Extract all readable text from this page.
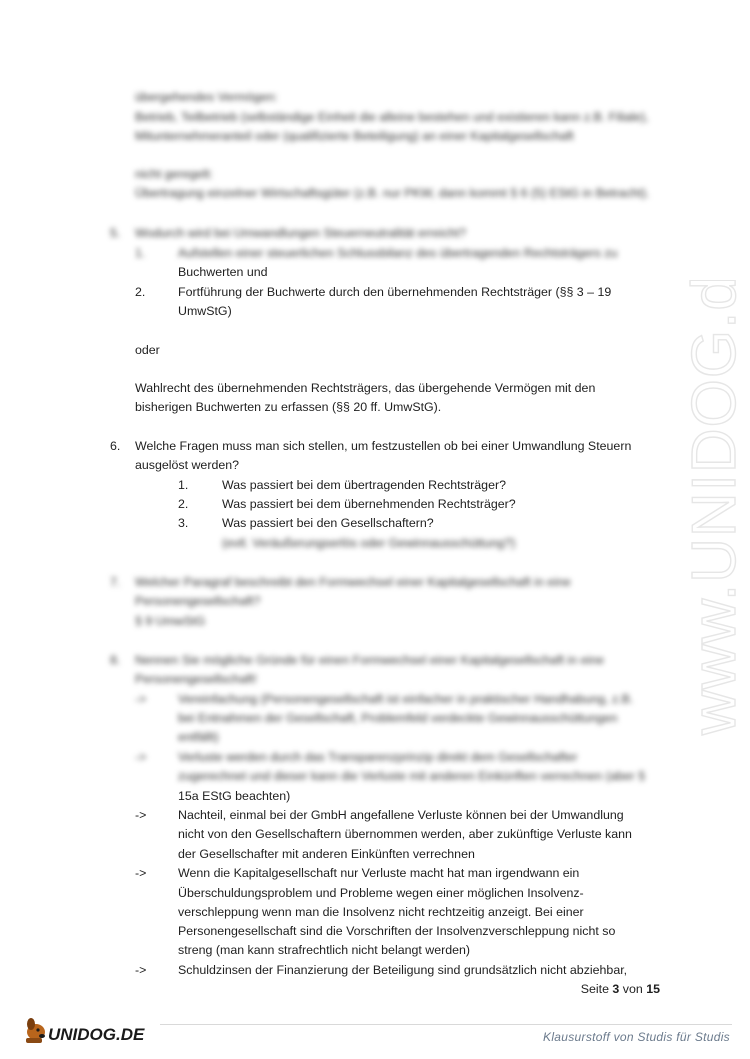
www.UNIDOG.de
übergehendes Vermögen:
Betrieb, Teilbetrieb (selbständige Einheit die alleine bestehen und existieren kann z.B. Filiale),
Mitunternehmeranteil oder (qualifizierte Beteiligung) an einer Kapitalgesellschaft
nicht geregelt:
Übertragung einzelner Wirtschaftsgüter (z.B. nur PKW, dann kommt § 6 (5) EStG in Betracht).
5. Wodurch wird bei Umwandlungen Steuerneutralität erreicht?
1.	Aufstellen einer steuerlichen Schlussbilanz des übertragenden Rechtsträgers zu
Buchwerten und
2.	Fortführung der Buchwerte durch den übernehmenden Rechtsträger (§§ 3 – 19
UmwStG)
oder
Wahlrecht des übernehmenden Rechtsträgers, das übergehende Vermögen mit den
bisherigen Buchwerten zu erfassen (§§ 20 ff. UmwStG).
6. Welche Fragen muss man sich stellen, um festzustellen ob bei einer Umwandlung Steuern
ausgelöst werden?
1.	Was passiert bei dem übertragenden Rechtsträger?
2.	Was passiert bei dem übernehmenden Rechtsträger?
3.	Was passiert bei den Gesellschaftern?
(evtl. Veräußerungserlös oder Gewinnausschüttung?)
7. Welcher Paragraf beschreibt den Formwechsel einer Kapitalgesellschaft in eine
Personengesellschaft?
§ 9 UmwStG
8. Nennen Sie mögliche Gründe für einen Formwechsel einer Kapitalgesellschaft in eine
Personengesellschaft!
->	Vereinfachung (Personengesellschaft ist einfacher in praktischer Handhabung, z.B.
bei Entnahmen der Gesellschaft, Problemfeld verdeckte Gewinnausschüttungen
entfällt)
->	Verluste werden durch das Transparenzprinzip direkt dem Gesellschafter
zugerechnet und dieser kann die Verluste mit anderen Einkünften verrechnen (aber §
15a EStG beachten)
->	Nachteil, einmal bei der GmbH angefallene Verluste können bei der Umwandlung
nicht von den Gesellschaftern übernommen werden, aber zukünftige Verluste kann
der Gesellschafter mit anderen Einkünften verrechnen
->	Wenn die Kapitalgesellschaft nur Verluste macht hat man irgendwann ein
Überschuldungsproblem und Probleme wegen einer möglichen Insolvenz-
verschleppung wenn man die Insolvenz nicht rechtzeitig anzeigt. Bei einer
Personengesellschaft sind die Vorschriften der Insolvenzverschleppung nicht so
streng (man kann strafrechtlich nicht belangt werden)
->	Schuldzinsen der Finanzierung der Beteiligung sind grundsätzlich nicht abziehbar,
Seite 3 von 15
UNIDOG.DE	Klausurstoff von Studis für Studis
